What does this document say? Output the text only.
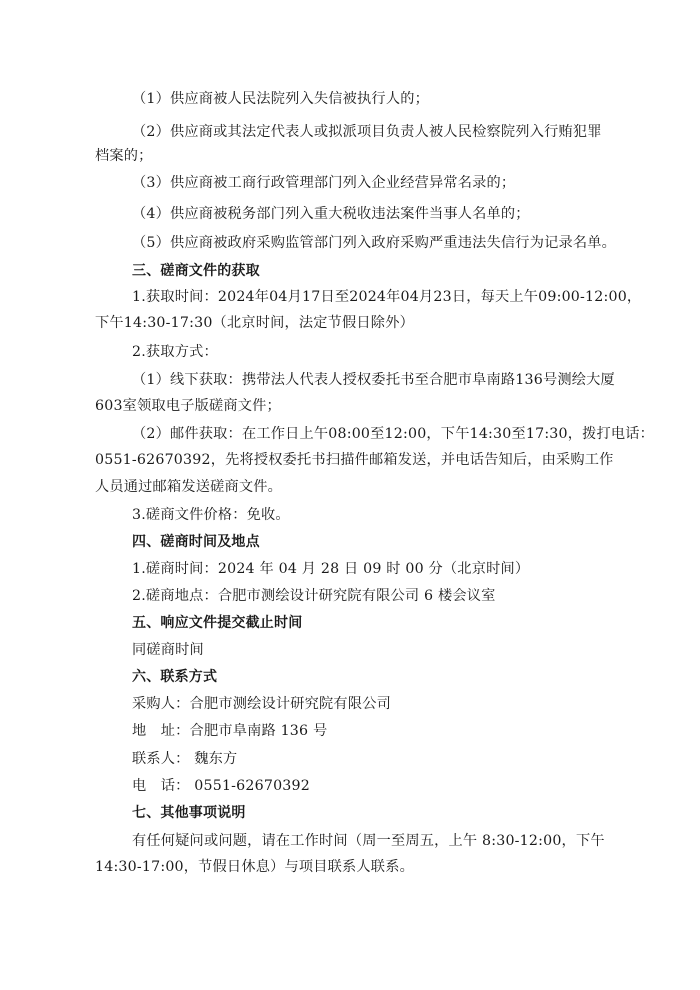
（1）供应商被人民法院列入失信被执行人的；
（2）供应商或其法定代表人或拟派项目负责人被人民检察院列入行贿犯罪
档案的；
（3）供应商被工商行政管理部门列入企业经营异常名录的；
（4）供应商被税务部门列入重大税收违法案件当事人名单的；
（5）供应商被政府采购监管部门列入政府采购严重违法失信行为记录名单。
三、磋商文件的获取
1.获取时间：2024年04月17日至2024年04月23日，每天上午09:00-12:00，
下午14:30-17:30（北京时间，法定节假日除外）
2.获取方式：
（1）线下获取：携带法人代表人授权委托书至合肥市阜南路136号测绘大厦
603室领取电子版磋商文件；
（2）邮件获取：在工作日上午08:00至12:00，下午14:30至17:30，拨打电话：
0551-62670392，先将授权委托书扫描件邮箱发送，并电话告知后，由采购工作
人员通过邮箱发送磋商文件。
3.磋商文件价格：免收。
四、磋商时间及地点
1.磋商时间：2024 年 04 月 28 日 09 时 00 分（北京时间）
2.磋商地点：合肥市测绘设计研究院有限公司 6 楼会议室
五、响应文件提交截止时间
同磋商时间
六、联系方式
采购人：合肥市测绘设计研究院有限公司
地　址：合肥市阜南路 136 号
联系人： 魏东方
电　话： 0551-62670392
七、其他事项说明
有任何疑问或问题，请在工作时间（周一至周五，上午 8:30-12:00，下午
14:30-17:00，节假日休息）与项目联系人联系。
